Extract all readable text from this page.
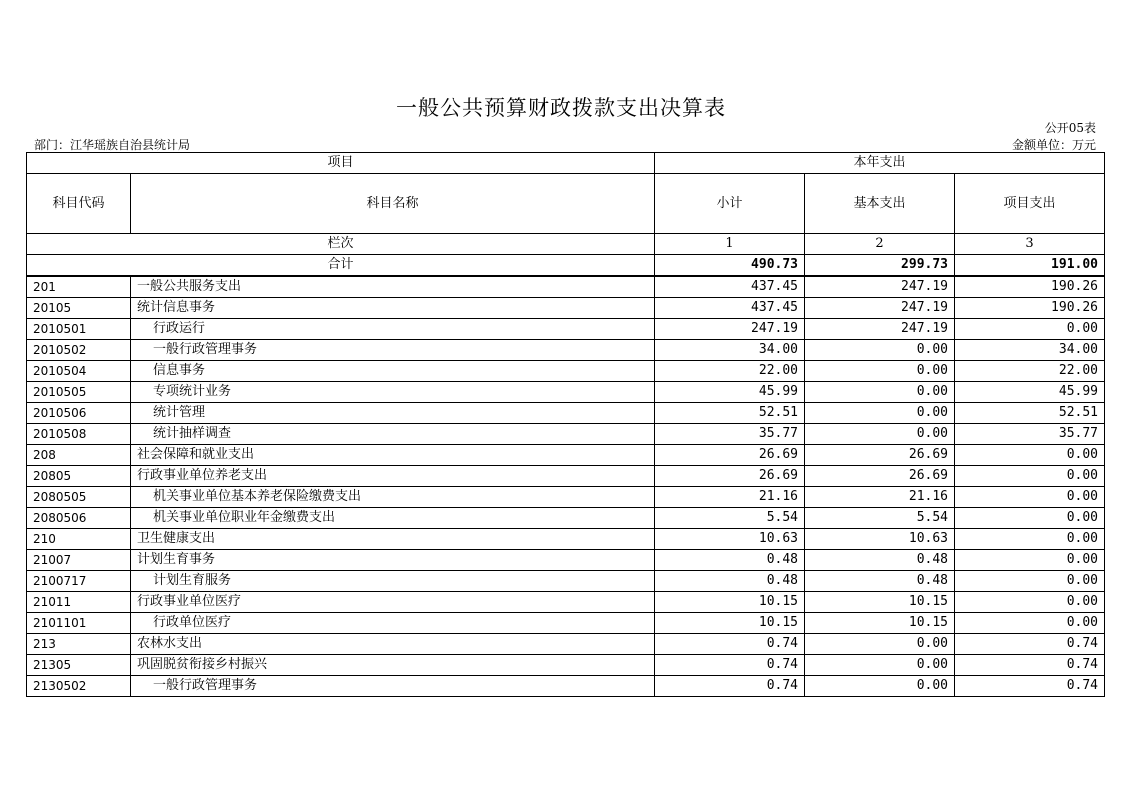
一般公共预算财政拨款支出决算表
公开05表
部门：江华瑶族自治县统计局	金额单位：万元
项目		本年支出		
科目代码	科目名称	小计	基本支出	项目支出
栏次		1	2	3
合计		490.73	299.73	191.00
201	一般公共服务支出	437.45	247.19	190.26
20105	统计信息事务	437.45	247.19	190.26
2010501	行政运行	247.19	247.19	0.00
2010502	一般行政管理事务	34.00	0.00	34.00
2010504	信息事务	22.00	0.00	22.00
2010505	专项统计业务	45.99	0.00	45.99
2010506	统计管理	52.51	0.00	52.51
2010508	统计抽样调查	35.77	0.00	35.77
208	社会保障和就业支出	26.69	26.69	0.00
20805	行政事业单位养老支出	26.69	26.69	0.00
2080505	机关事业单位基本养老保险缴费支出	21.16	21.16	0.00
2080506	机关事业单位职业年金缴费支出	5.54	5.54	0.00
210	卫生健康支出	10.63	10.63	0.00
21007	计划生育事务	0.48	0.48	0.00
2100717	计划生育服务	0.48	0.48	0.00
21011	行政事业单位医疗	10.15	10.15	0.00
2101101	行政单位医疗	10.15	10.15	0.00
213	农林水支出	0.74	0.00	0.74
21305	巩固脱贫衔接乡村振兴	0.74	0.00	0.74
2130502	一般行政管理事务	0.74	0.00	0.74
